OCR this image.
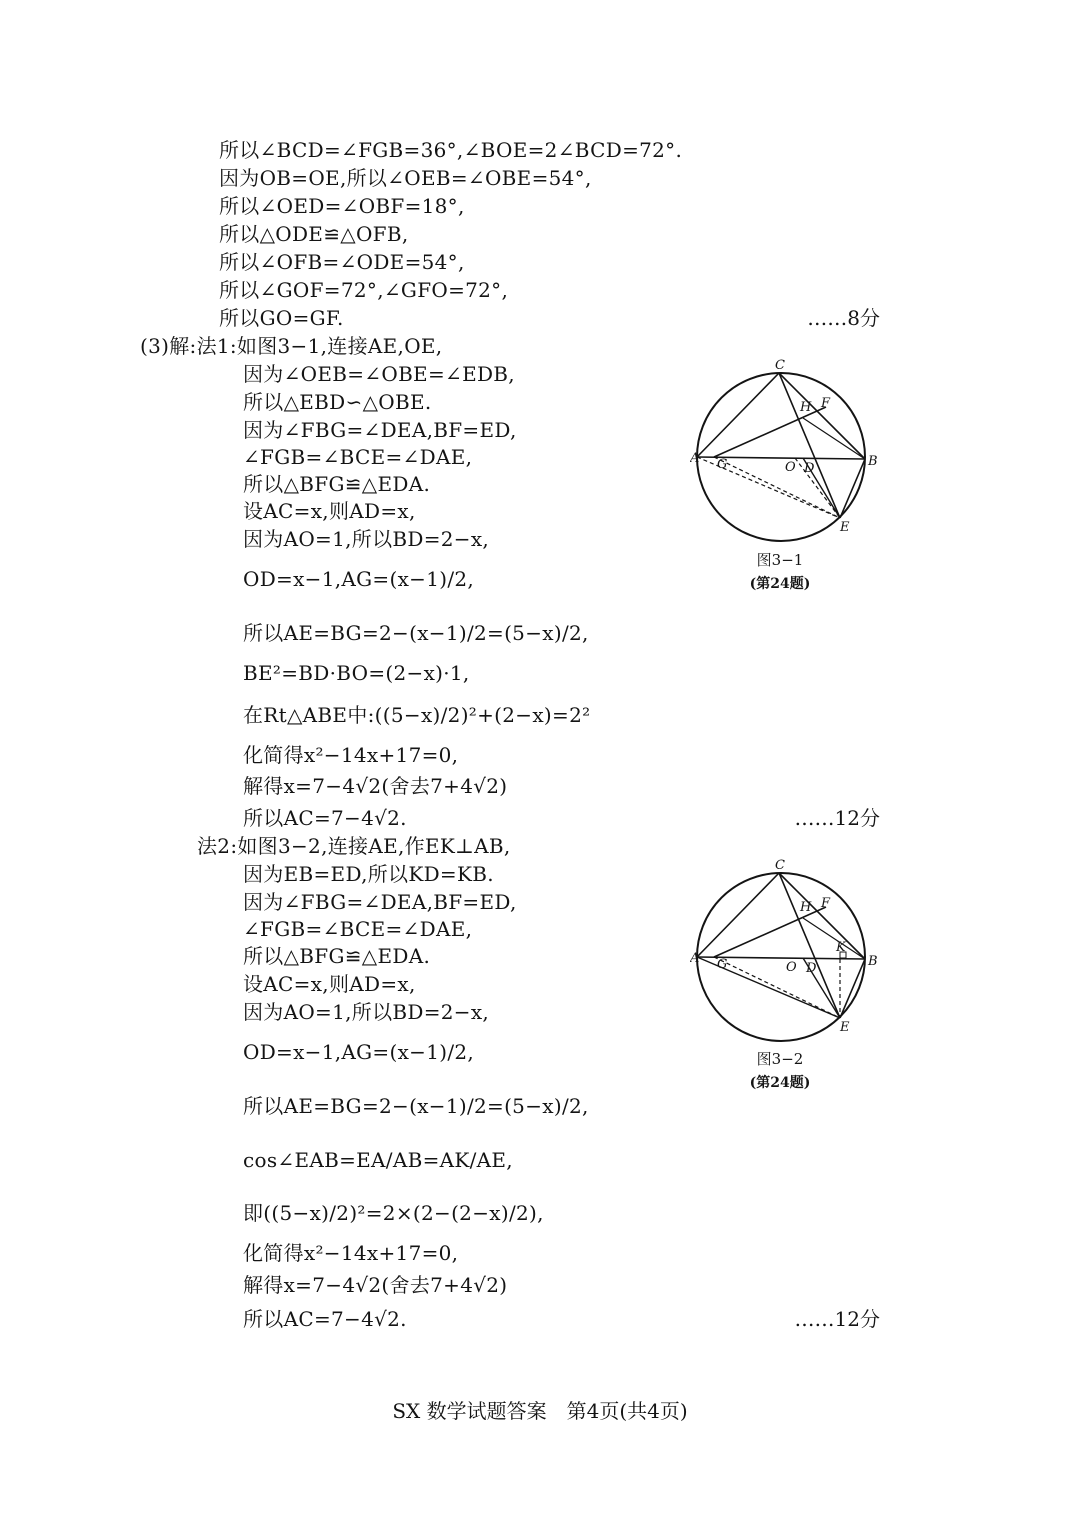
所以∠BCD=∠FGB=36°,∠BOE=2∠BCD=72°.
因为OB=OE,所以∠OEB=∠OBE=54°,
所以∠OED=∠OBF=18°,
所以△ODE≌△OFB,
所以∠OFB=∠ODE=54°,
所以∠GOF=72°,∠GFO=72°,
所以GO=GF.
(3)解:法1:如图3−1,连接AE,OE,
因为∠OEB=∠OBE=∠EDB,
所以△EBD∽△OBE.
因为∠FBG=∠DEA,BF=ED,
∠FGB=∠BCE=∠DAE,
所以△BFG≌△EDA.
设AC=x,则AD=x,
因为AO=1,所以BD=2−x,
OD=x−1,AG=(x−1)/2,
所以AE=BG=2−(x−1)/2=(5−x)/2,
BE²=BD·BO=(2−x)·1,
在Rt△ABE中:((5−x)/2)²+(2−x)=2²
化简得x²−14x+17=0,
解得x=7−4√2(舍去7+4√2)
所以AC=7−4√2.
法2:如图3−2,连接AE,作EK⊥AB,
因为EB=ED,所以KD=KB.
因为∠FBG=∠DEA,BF=ED,
∠FGB=∠BCE=∠DAE,
所以△BFG≌△EDA.
设AC=x,则AD=x,
因为AO=1,所以BD=2−x,
OD=x−1,AG=(x−1)/2,
所以AE=BG=2−(x−1)/2=(5−x)/2,
cos∠EAB=EA/AB=AK/AE,
即((5−x)/2)²=2×(2−(2−x)/2),
化简得x²−14x+17=0,
解得x=7−4√2(舍去7+4√2)
所以AC=7−4√2.
……8分
……12分
……12分
A	B
C
D
E
F
G
H
O
图3−1
(第24题)
A	B
C
D
E
F
G
H
K
O
图3−2
(第24题)
SX 数学试题答案　第4页(共4页)
